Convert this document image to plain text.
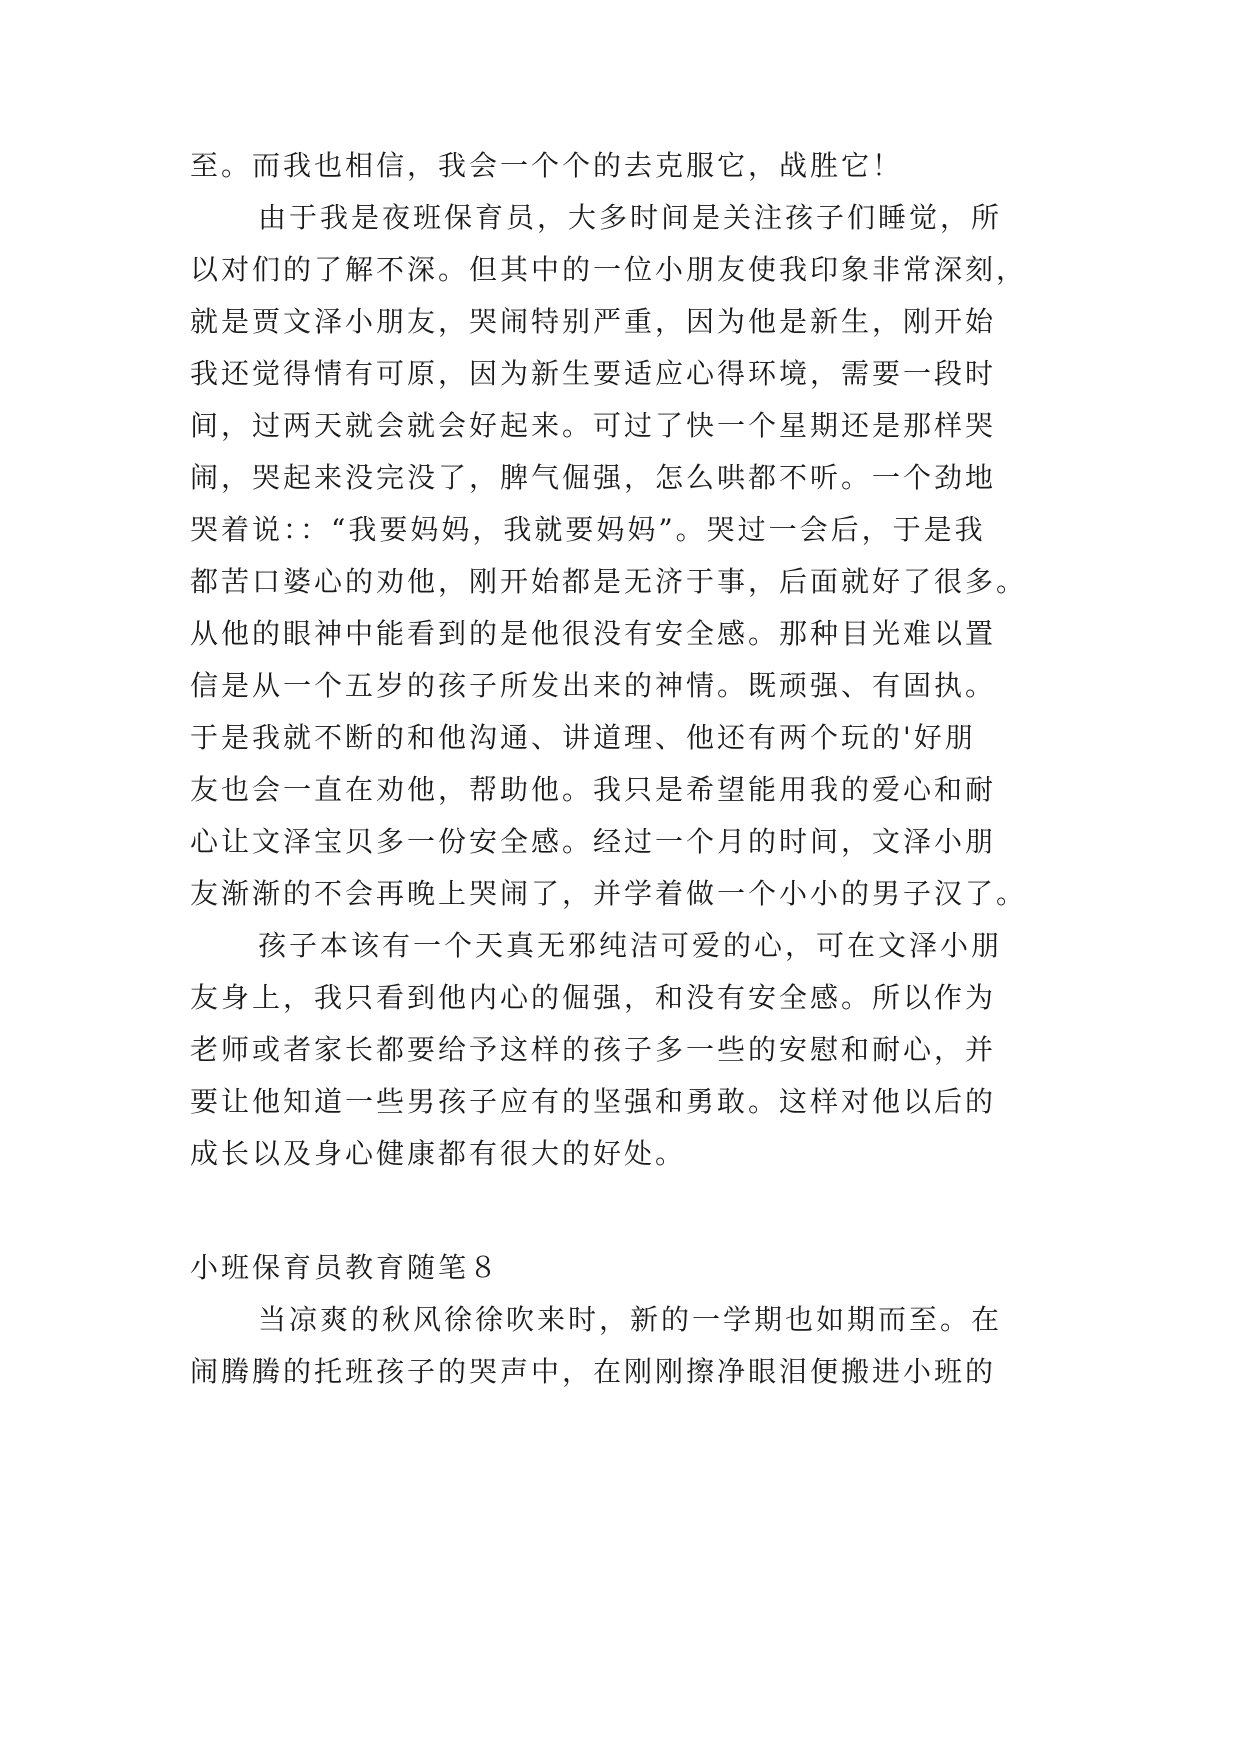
至。而我也相信，我会一个个的去克服它，战胜它！
由于我是夜班保育员，大多时间是关注孩子们睡觉，所
以对们的了解不深。但其中的一位小朋友使我印象非常深刻，
就是贾文泽小朋友，哭闹特别严重，因为他是新生，刚开始
我还觉得情有可原，因为新生要适应心得环境，需要一段时
间，过两天就会就会好起来。可过了快一个星期还是那样哭
闹，哭起来没完没了，脾气倔强，怎么哄都不听。一个劲地
哭着说：：“我要妈妈，我就要妈妈”。哭过一会后，于是我
都苦口婆心的劝他，刚开始都是无济于事，后面就好了很多。
从他的眼神中能看到的是他很没有安全感。那种目光难以置
信是从一个五岁的孩子所发出来的神情。既顽强、有固执。
于是我就不断的和他沟通、讲道理、他还有两个玩的'好朋
友也会一直在劝他，帮助他。我只是希望能用我的爱心和耐
心让文泽宝贝多一份安全感。经过一个月的时间，文泽小朋
友渐渐的不会再晚上哭闹了，并学着做一个小小的男子汉了。
孩子本该有一个天真无邪纯洁可爱的心，可在文泽小朋
友身上，我只看到他内心的倔强，和没有安全感。所以作为
老师或者家长都要给予这样的孩子多一些的安慰和耐心，并
要让他知道一些男孩子应有的坚强和勇敢。这样对他以后的
成长以及身心健康都有很大的好处。
小班保育员教育随笔８
当凉爽的秋风徐徐吹来时，新的一学期也如期而至。在
闹腾腾的托班孩子的哭声中，在刚刚擦净眼泪便搬进小班的
